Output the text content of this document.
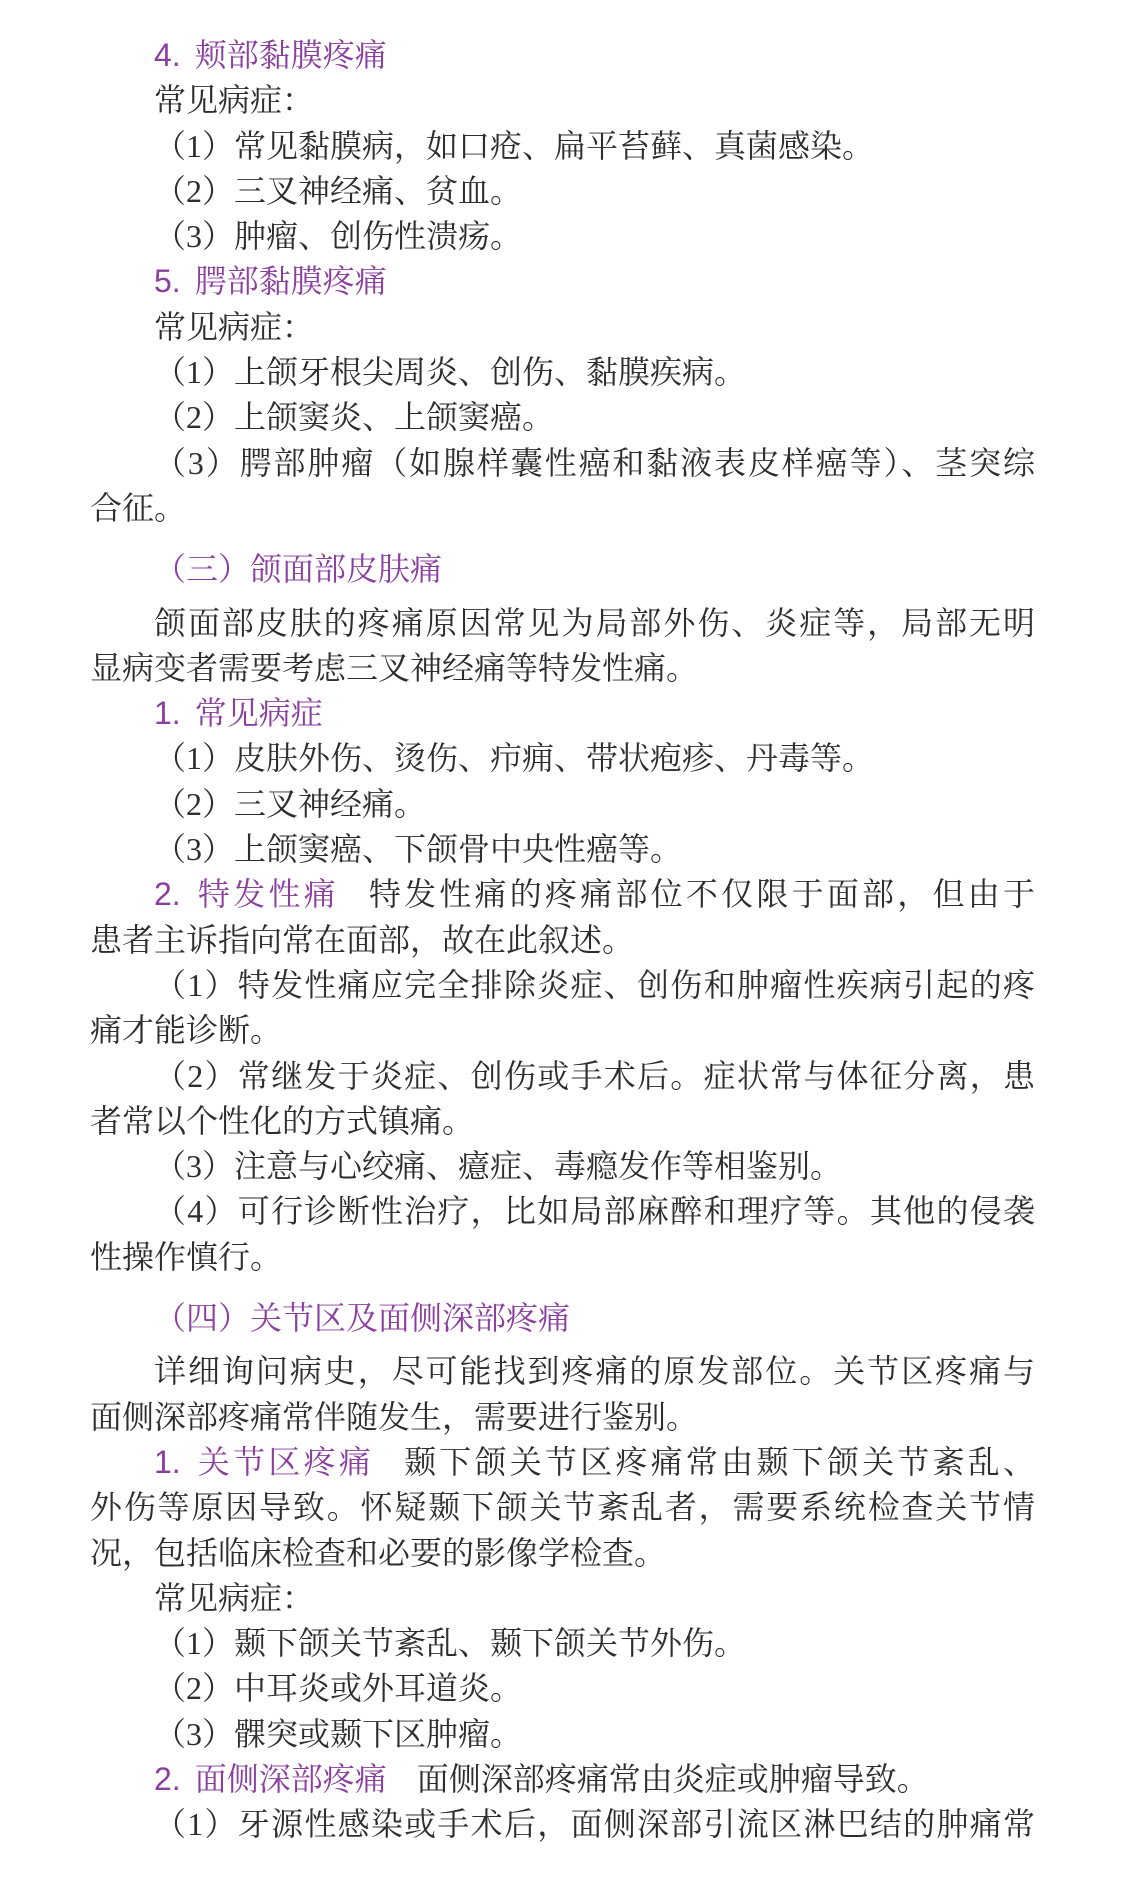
4. 颊部黏膜疼痛
常见病症：
（1）常见黏膜病，如口疮、扁平苔藓、真菌感染。
（2）三叉神经痛、贫血。
（3）肿瘤、创伤性溃疡。
5. 腭部黏膜疼痛
常见病症：
（1）上颌牙根尖周炎、创伤、黏膜疾病。
（2）上颌窦炎、上颌窦癌。
（3）腭部肿瘤（如腺样囊性癌和黏液表皮样癌等）、茎突综
合征。
（三）颌面部皮肤痛
颌面部皮肤的疼痛原因常见为局部外伤、炎症等，局部无明
显病变者需要考虑三叉神经痛等特发性痛。
1. 常见病症
（1）皮肤外伤、烫伤、疖痈、带状疱疹、丹毒等。
（2）三叉神经痛。
（3）上颌窦癌、下颌骨中央性癌等。
2. 特发性痛 特发性痛的疼痛部位不仅限于面部，但由于
患者主诉指向常在面部，故在此叙述。
（1）特发性痛应完全排除炎症、创伤和肿瘤性疾病引起的疼
痛才能诊断。
（2）常继发于炎症、创伤或手术后。症状常与体征分离，患
者常以个性化的方式镇痛。
（3）注意与心绞痛、癔症、毒瘾发作等相鉴别。
（4）可行诊断性治疗，比如局部麻醉和理疗等。其他的侵袭
性操作慎行。
（四）关节区及面侧深部疼痛
详细询问病史，尽可能找到疼痛的原发部位。关节区疼痛与
面侧深部疼痛常伴随发生，需要进行鉴别。
1. 关节区疼痛 颞下颌关节区疼痛常由颞下颌关节紊乱、
外伤等原因导致。怀疑颞下颌关节紊乱者，需要系统检查关节情
况，包括临床检查和必要的影像学检查。
常见病症：
（1）颞下颌关节紊乱、颞下颌关节外伤。
（2）中耳炎或外耳道炎。
（3）髁突或颞下区肿瘤。
2. 面侧深部疼痛 面侧深部疼痛常由炎症或肿瘤导致。
（1）牙源性感染或手术后，面侧深部引流区淋巴结的肿痛常
